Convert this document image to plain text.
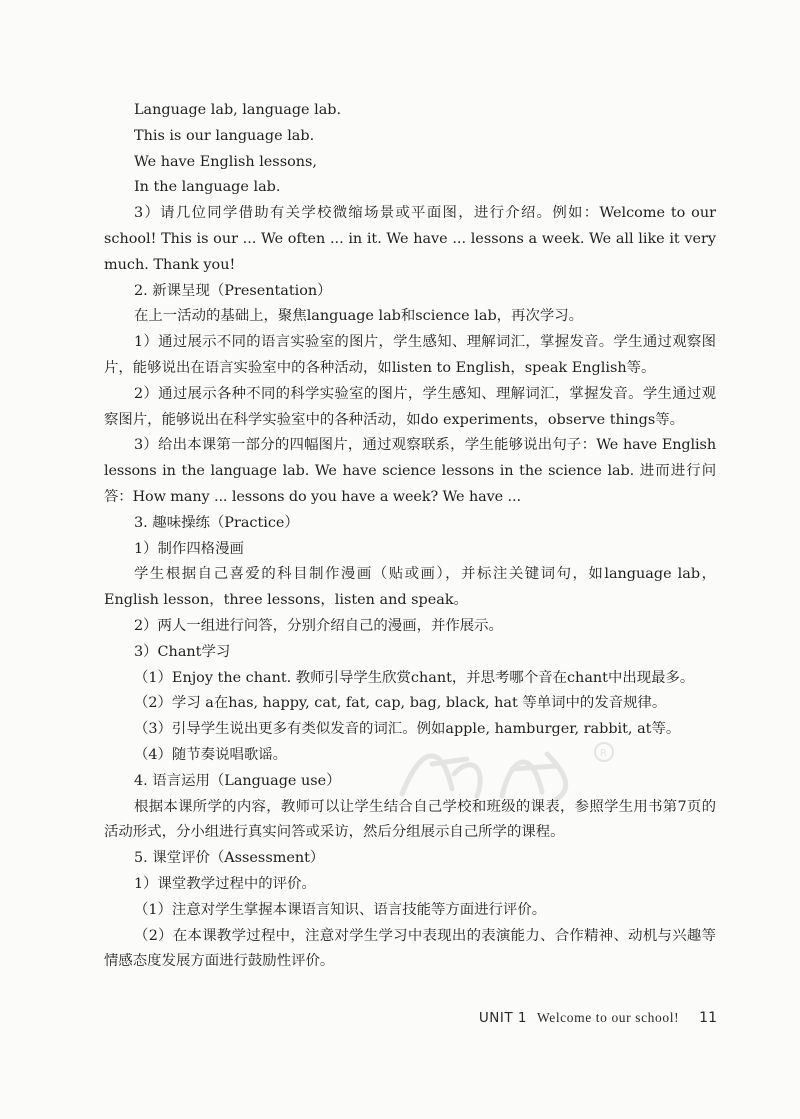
Language lab, language lab.

This is our language lab.

We have English lessons,

In the language lab.

3）请几位同学借助有关学校微缩场景或平面图，进行介绍。例如：Welcome to our school! This is our ... We often ... in it. We have ... lessons a week. We all like it very much. Thank you!

2. 新课呈现（Presentation）

在上一活动的基础上，聚焦language lab和science lab，再次学习。

1）通过展示不同的语言实验室的图片，学生感知、理解词汇，掌握发音。学生通过观察图片，能够说出在语言实验室中的各种活动，如listen to English，speak English等。

2）通过展示各种不同的科学实验室的图片，学生感知、理解词汇，掌握发音。学生通过观察图片，能够说出在科学实验室中的各种活动，如do experiments，observe things等。

3）给出本课第一部分的四幅图片，通过观察联系，学生能够说出句子：We have English lessons in the language lab. We have science lessons in the science lab. 进而进行问答：How many ... lessons do you have a week? We have ...

3. 趣味操练（Practice）

1）制作四格漫画

学生根据自己喜爱的科目制作漫画（贴或画），并标注关键词句，如language lab，English lesson，three lessons，listen and speak。

2）两人一组进行问答，分别介绍自己的漫画，并作展示。

3）Chant学习

（1）Enjoy the chant. 教师引导学生欣赏chant，并思考哪个音在chant中出现最多。

（2）学习 a在has, happy, cat, fat, cap, bag, black, hat 等单词中的发音规律。

（3）引导学生说出更多有类似发音的词汇。例如apple, hamburger, rabbit, at等。

（4）随节奏说唱歌谣。

4. 语言运用（Language use）

根据本课所学的内容，教师可以让学生结合自己学校和班级的课表，参照学生用书第7页的活动形式，分小组进行真实问答或采访，然后分组展示自己所学的课程。

5. 课堂评价（Assessment）

1）课堂教学过程中的评价。

（1）注意对学生掌握本课语言知识、语言技能等方面进行评价。

（2）在本课教学过程中，注意对学生学习中表现出的表演能力、合作精神、动机与兴趣等情感态度发展方面进行鼓励性评价。

R
UNIT 1 Welcome to our school! 11
